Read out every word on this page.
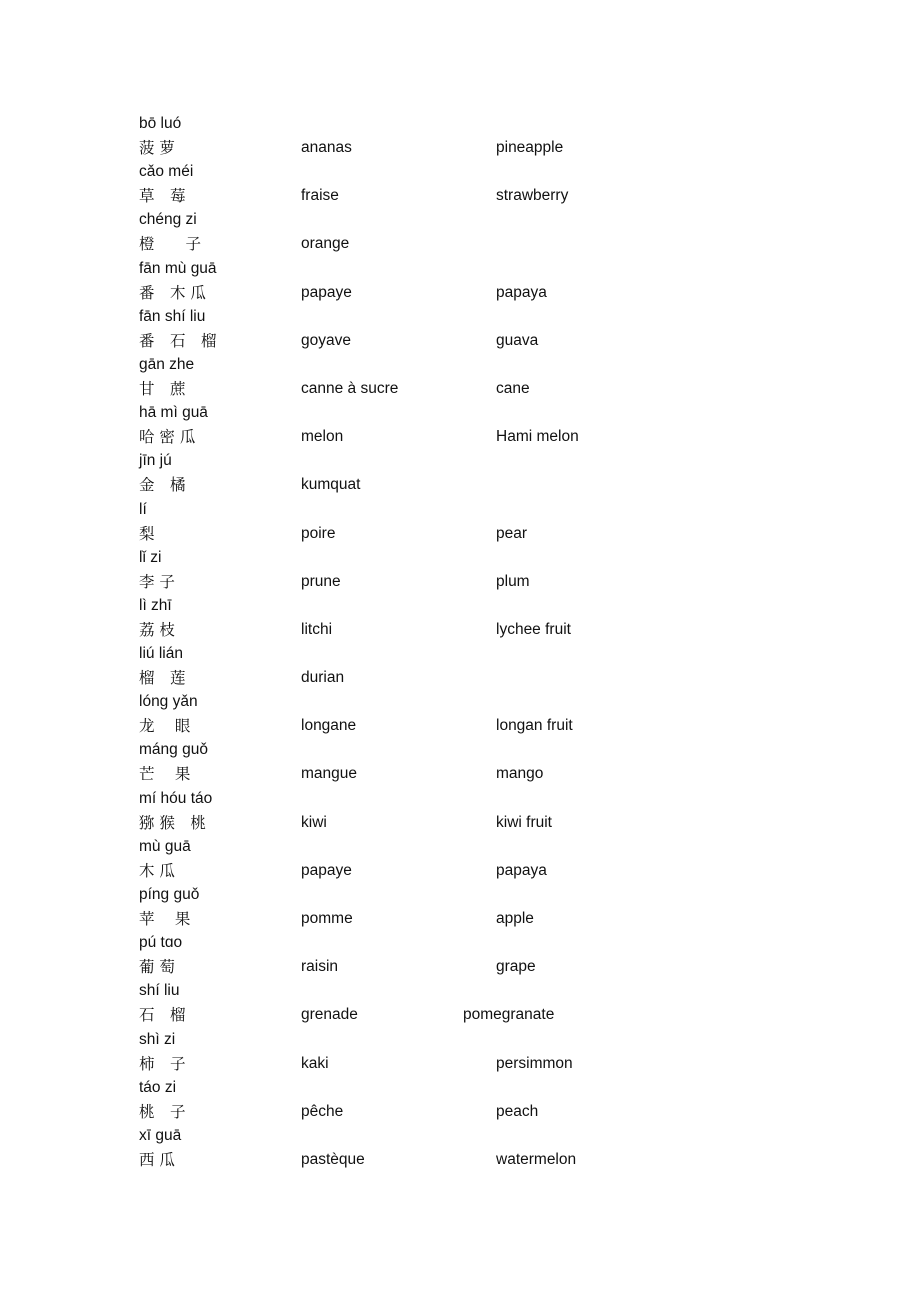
bō luó
菠 萝	ananas	pineapple
cǎo méi
草　莓	fraise	strawberry
chénɡ zi
橙　　子	orange
fān mù ɡuā
番　木 瓜	papaye	papaya
fān shí liu
番　石　榴	goyave	guava
ɡān zhe
甘　蔗	canne à sucre	cane
hā mì ɡuā
哈 密 瓜	melon	Hami melon
jīn jú
金　橘	kumquat
lí
梨	poire	pear
lǐ zi
李 子	prune	plum
lì zhī
荔 枝	litchi	lychee fruit
liú lián
榴　莲	durian
lónɡ yǎn
龙　 眼	longane	longan fruit
mánɡ ɡuǒ
芒　 果	mangue	mango
mí hóu táo
猕 猴　桃	kiwi	kiwi fruit
mù ɡuā
木 瓜	papaye	papaya
pínɡ ɡuǒ
苹　 果	pomme	apple
pú tɑo
葡 萄	raisin	grape
shí liu
石　榴	grenade	pomegranate
shì zi
柿　子	kaki	persimmon
táo zi
桃　子	pêche	peach
xī ɡuā
西 瓜	pastèque	watermelon
